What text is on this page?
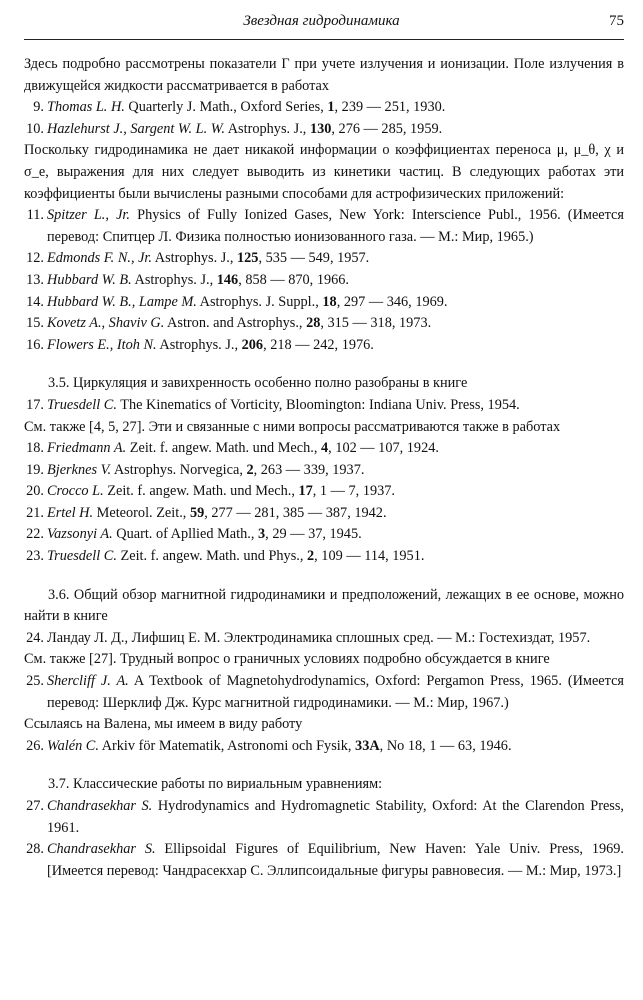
Звездная гидродинамика	75
Здесь подробно рассмотрены показатели Γ при учете излучения и ионизации. Поле излучения в движущейся жидкости рассматривается в работах
9. Thomas L. H. Quarterly J. Math., Oxford Series, 1, 239 — 251, 1930.
10. Hazlehurst J., Sargent W. L. W. Astrophys. J., 130, 276 — 285, 1959.
Поскольку гидродинамика не дает никакой информации о коэффициентах переноса μ, μ_θ, χ и σ_e, выражения для них следует выводить из кинетики частиц. В следующих работах эти коэффициенты были вычислены разными способами для астрофизических приложений:
11. Spitzer L., Jr. Physics of Fully Ionized Gases, New York: Interscience Publ., 1956. (Имеется перевод: Спитцер Л. Физика полностью ионизованного газа. — М.: Мир, 1965.)
12. Edmonds F. N., Jr. Astrophys. J., 125, 535 — 549, 1957.
13. Hubbard W. B. Astrophys. J., 146, 858 — 870, 1966.
14. Hubbard W. B., Lampe M. Astrophys. J. Suppl., 18, 297 — 346, 1969.
15. Kovetz A., Shaviv G. Astron. and Astrophys., 28, 315 — 318, 1973.
16. Flowers E., Itoh N. Astrophys. J., 206, 218 — 242, 1976.
3.5. Циркуляция и завихренность особенно полно разобраны в книге
17. Truesdell C. The Kinematics of Vorticity, Bloomington: Indiana Univ. Press, 1954.
См. также [4, 5, 27]. Эти и связанные с ними вопросы рассматриваются также в работах
18. Friedmann A. Zeit. f. angew. Math. und Mech., 4, 102 — 107, 1924.
19. Bjerknes V. Astrophys. Norvegica, 2, 263 — 339, 1937.
20. Crocco L. Zeit. f. angew. Math. und Mech., 17, 1 — 7, 1937.
21. Ertel H. Meteorol. Zeit., 59, 277 — 281, 385 — 387, 1942.
22. Vazsonyi A. Quart. of Apllied Math., 3, 29 — 37, 1945.
23. Truesdell C. Zeit. f. angew. Math. und Phys., 2, 109 — 114, 1951.
3.6. Общий обзор магнитной гидродинамики и предположений, лежащих в ее основе, можно найти в книге
24. Ландау Л. Д., Лифшиц Е. М. Электродинамика сплошных сред. — М.: Гостехиздат, 1957.
См. также [27]. Трудный вопрос о граничных условиях подробно обсуждается в книге
25. Shercliff J. A. A Textbook of Magnetohydrodynamics, Oxford: Pergamon Press, 1965. (Имеется перевод: Шерклиф Дж. Курс магнитной гидродинамики. — М.: Мир, 1967.)
Ссылаясь на Валена, мы имеем в виду работу
26. Walén C. Arkiv för Matematik, Astronomi och Fysik, 33A, No 18, 1 — 63, 1946.
3.7. Классические работы по вириальным уравнениям:
27. Chandrasekhar S. Hydrodynamics and Hydromagnetic Stability, Oxford: At the Clarendon Press, 1961.
28. Chandrasekhar S. Ellipsoidal Figures of Equilibrium, New Haven: Yale Univ. Press, 1969. [Имеется перевод: Чандрасекхар С. Эллипсоидальные фигуры равновесия. — М.: Мир, 1973.]
